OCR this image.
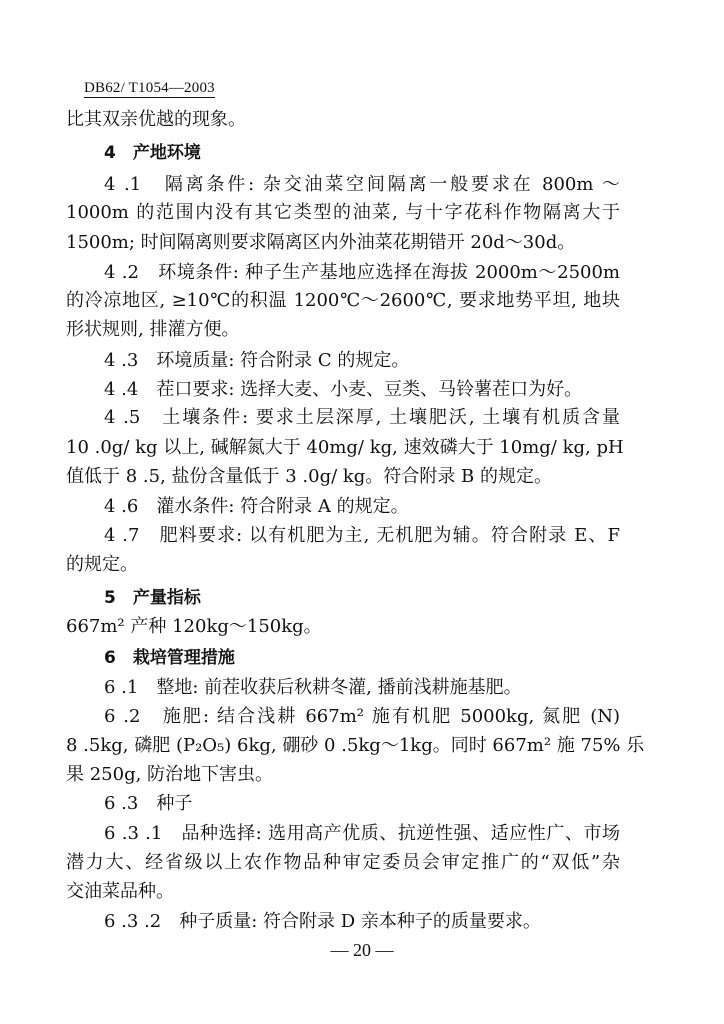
DB62/ T1054—2003
比其双亲优越的现象。
4　产地环境
4 .1　隔离条件: 杂交油菜空间隔离一般要求在 800m ～
1000m 的范围内没有其它类型的油菜, 与十字花科作物隔离大于
1500m; 时间隔离则要求隔离区内外油菜花期错开 20d～30d。
4 .2　环境条件: 种子生产基地应选择在海拔 2000m～2500m
的冷凉地区, ≥10℃的积温 1200℃～2600℃, 要求地势平坦, 地块
形状规则, 排灌方便。
4 .3　环境质量: 符合附录 C 的规定。
4 .4　茬口要求: 选择大麦、小麦、豆类、马铃薯茬口为好。
4 .5　土壤条件: 要求土层深厚, 土壤肥沃, 土壤有机质含量
10 .0g/ kg 以上, 碱解氮大于 40mg/ kg, 速效磷大于 10mg/ kg, pH
值低于 8 .5, 盐份含量低于 3 .0g/ kg。符合附录 B 的规定。
4 .6　灌水条件: 符合附录 A 的规定。
4 .7　肥料要求: 以有机肥为主, 无机肥为辅。符合附录 E、F
的规定。
5　产量指标
667m² 产种 120kg～150kg。
6　栽培管理措施
6 .1　整地: 前茬收获后秋耕冬灌, 播前浅耕施基肥。
6 .2　施肥: 结合浅耕 667m² 施有机肥 5000kg, 氮肥 (N)
8 .5kg, 磷肥 (P₂O₅) 6kg, 硼砂 0 .5kg～1kg。同时 667m² 施 75% 乐
果 250g, 防治地下害虫。
6 .3　种子
6 .3 .1　品种选择: 选用高产优质、抗逆性强、适应性广、市场
潜力大、经省级以上农作物品种审定委员会审定推广的“双低”杂
交油菜品种。
6 .3 .2　种子质量: 符合附录 D 亲本种子的质量要求。
— 20 —
